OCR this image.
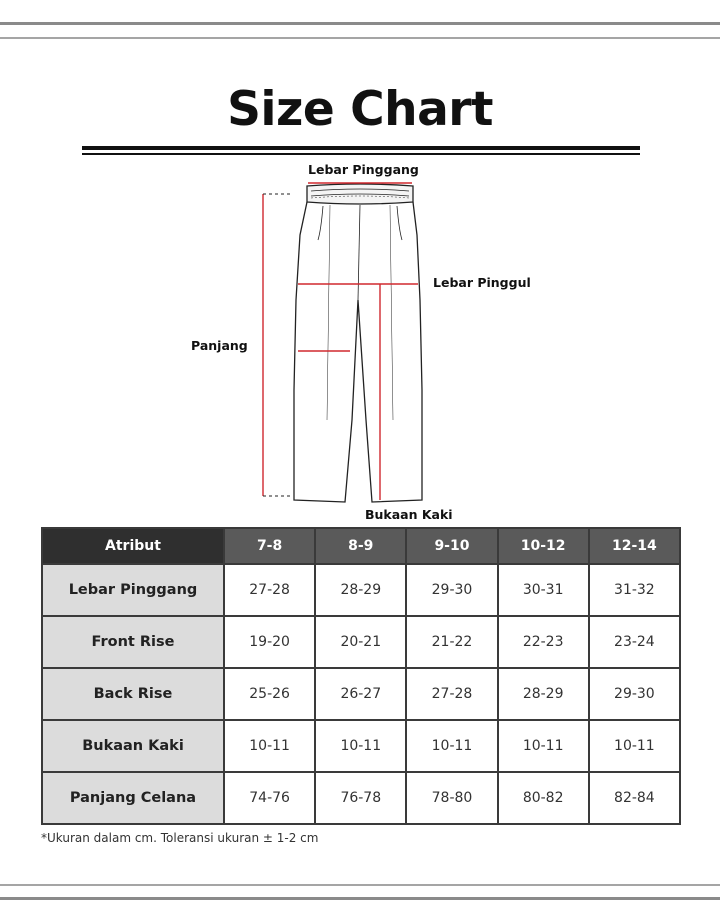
Size Chart
Lebar Pinggang
Lebar Pinggul
Panjang
Bukaan Kaki
Atribut	7-8	8-9	9-10	10-12	12-14
Lebar Pinggang	27-28	28-29	29-30	30-31	31-32
Front Rise	19-20	20-21	21-22	22-23	23-24
Back Rise	25-26	26-27	27-28	28-29	29-30
Bukaan Kaki	10-11	10-11	10-11	10-11	10-11
Panjang Celana	74-76	76-78	78-80	80-82	82-84
*Ukuran dalam cm. Toleransi ukuran ± 1-2 cm
